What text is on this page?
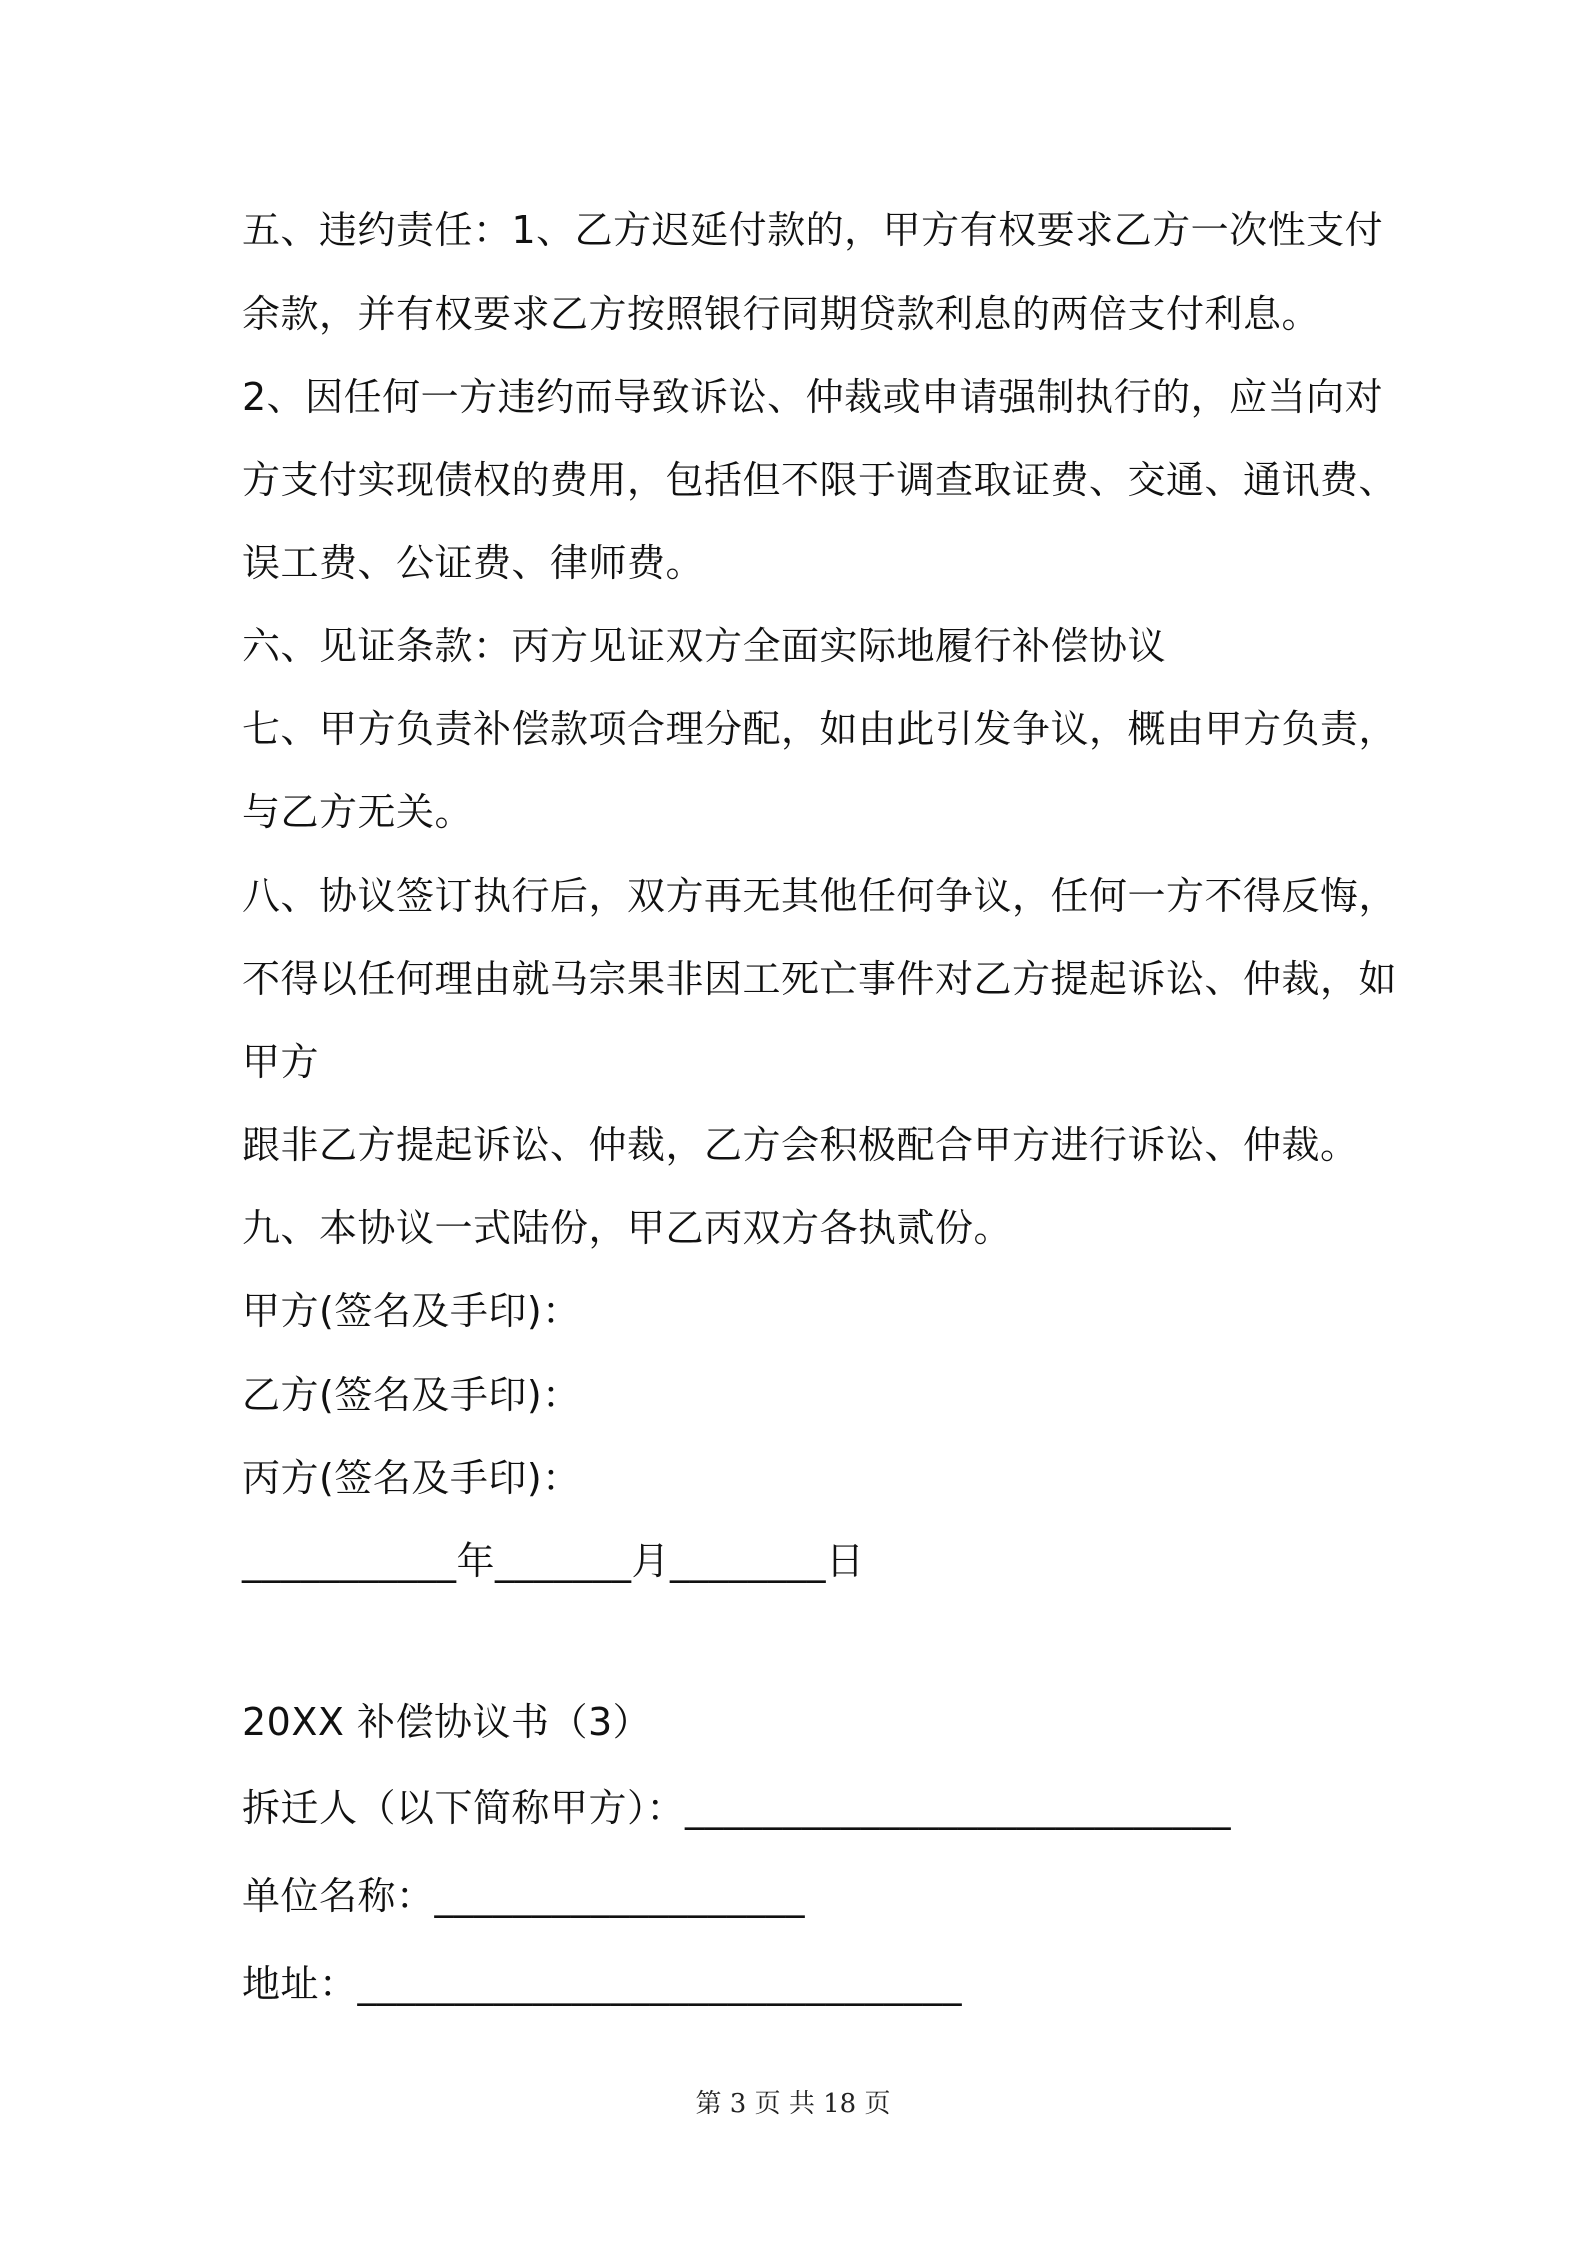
五、违约责任：1、乙方迟延付款的，甲方有权要求乙方一次性支付
余款，并有权要求乙方按照银行同期贷款利息的两倍支付利息。
2、因任何一方违约而导致诉讼、仲裁或申请强制执行的，应当向对
方支付实现债权的费用，包括但不限于调查取证费、交通、通讯费、
误工费、公证费、律师费。
六、见证条款：丙方见证双方全面实际地履行补偿协议
七、甲方负责补偿款项合理分配，如由此引发争议，概由甲方负责，
与乙方无关。
八、协议签订执行后，双方再无其他任何争议，任何一方不得反悔，
不得以任何理由就马宗果非因工死亡事件对乙方提起诉讼、仲裁，如
甲方
跟非乙方提起诉讼、仲裁，乙方会积极配合甲方进行诉讼、仲裁。
九、本协议一式陆份，甲乙丙双方各执贰份。
甲方(签名及手印)：
乙方(签名及手印)：
丙方(签名及手印)：
___________年_______月________日
20XX 补偿协议书（3）
拆迁人（以下简称甲方）：____________________________
单位名称：___________________
地址：_______________________________
第 3 页 共 18 页
